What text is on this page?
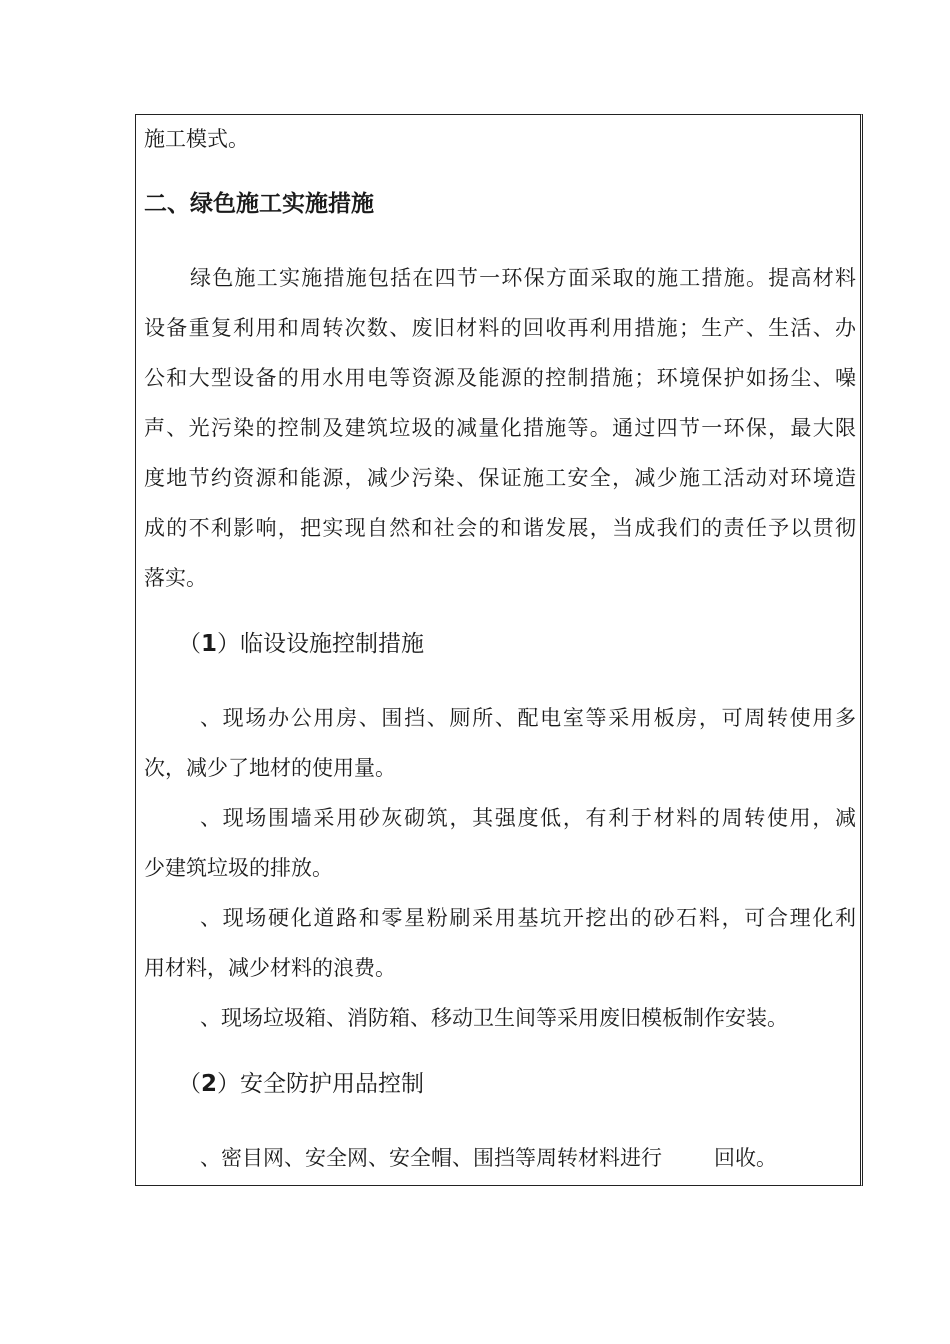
施工模式。
二、绿色施工实施措施
绿色施工实施措施包括在四节一环保方面采取的施工措施。提高材料
设备重复利用和周转次数、废旧材料的回收再利用措施；生产、生活、办
公和大型设备的用水用电等资源及能源的控制措施；环境保护如扬尘、噪
声、光污染的控制及建筑垃圾的减量化措施等。通过四节一环保，最大限
度地节约资源和能源，减少污染、保证施工安全，减少施工活动对环境造
成的不利影响，把实现自然和社会的和谐发展，当成我们的责任予以贯彻
落实。
（1）临设设施控制措施
、现场办公用房、围挡、厕所、配电室等采用板房，可周转使用多
次，减少了地材的使用量。
、现场围墙采用砂灰砌筑，其强度低，有利于材料的周转使用，减
少建筑垃圾的排放。
、现场硬化道路和零星粉刷采用基坑开挖出的砂石料，可合理化利
用材料，减少材料的浪费。
、现场垃圾箱、消防箱、移动卫生间等采用废旧模板制作安装。
（2）安全防护用品控制
、密目网、安全网、安全帽、围挡等周转材料进行 回收。
